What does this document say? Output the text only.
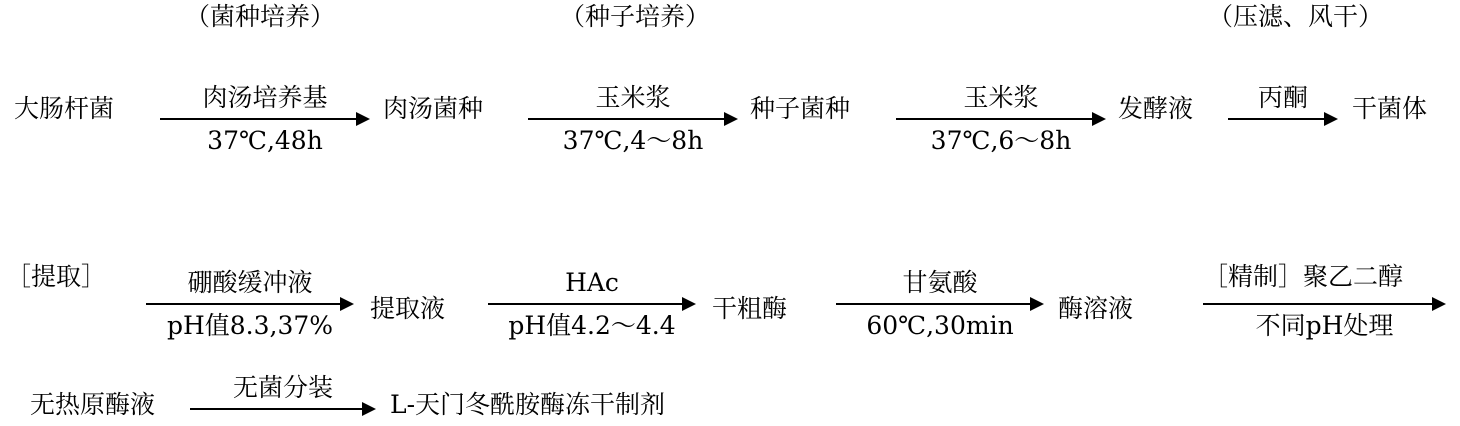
（菌种培养）	（种子培养）	（压滤、风干）
大肠杆菌	肉汤菌种	种子菌种	发酵液	干菌体
肉汤培养基
37℃,48h
玉米浆
37℃,4～8h
玉米浆
37℃,6～8h
丙酮
［提取］
提取液	干粗酶	酶溶液
［精制］聚乙二醇
硼酸缓冲液
pH值8.3,37%
HAc
pH值4.2～4.4
甘氨酸
60℃,30min	不同pH处理
无热原酶液	L-天门冬酰胺酶冻干制剂
无菌分装
